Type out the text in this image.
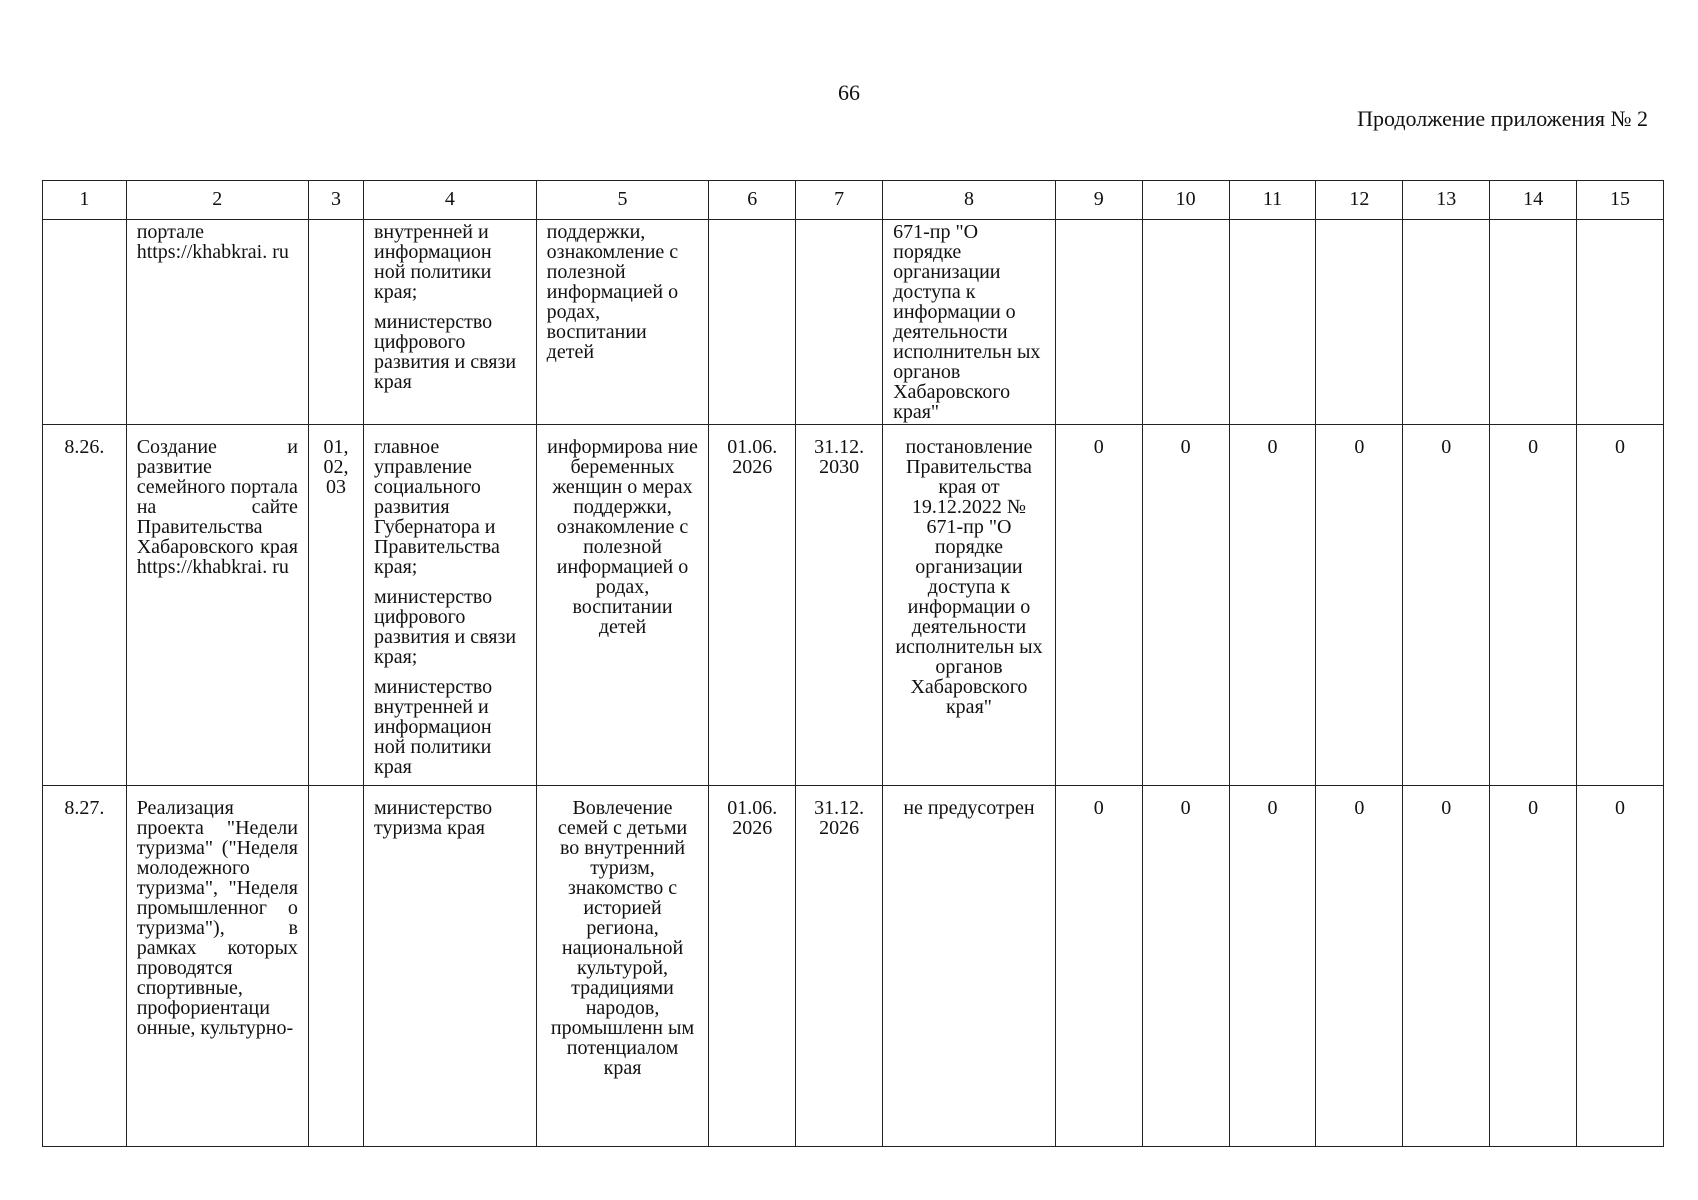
66
Продолжение приложения № 2
1	2	3	4	5	6	7	8	9	10	11	12	13	14	15
	портале https://khabkrai. ru		внутренней и информацион ной политики края;

министерство цифрового развития и связи края	поддержки, ознакомление с полезной информацией о родах, воспитании детей			671-пр "О порядке организации доступа к информации о деятельности исполнительн ых органов Хабаровского края"							
8.26.	Создание и развитие семейного портала на сайте Правительства Хабаровского края https://khabkrai. ru	01, 02, 03	главное управление социального развития Губернатора и Правительства края;

министерство цифрового развития и связи края;

министерство внутренней и информацион ной политики края	информирова ние беременных женщин о мерах поддержки, ознакомление с полезной информацией о родах, воспитании детей	01.06. 2026	31.12. 2030	постановление Правительства края от 19.12.2022 № 671-пр "О порядке организации доступа к информации о деятельности исполнительн ых органов Хабаровского края"	0	0	0	0	0	0	0
8.27.	Реализация проекта "Недели туризма" ("Неделя молодежного туризма", "Неделя промышленног о туризма"), в рамках которых проводятся спортивные, профориентаци онные, культурно-		министерство туризма края	Вовлечение семей с детьми во внутренний туризм, знакомство с историей региона, национальной культурой, традициями народов, промышленн ым потенциалом края	01.06. 2026	31.12. 2026	не предусотрен	0	0	0	0	0	0	0
